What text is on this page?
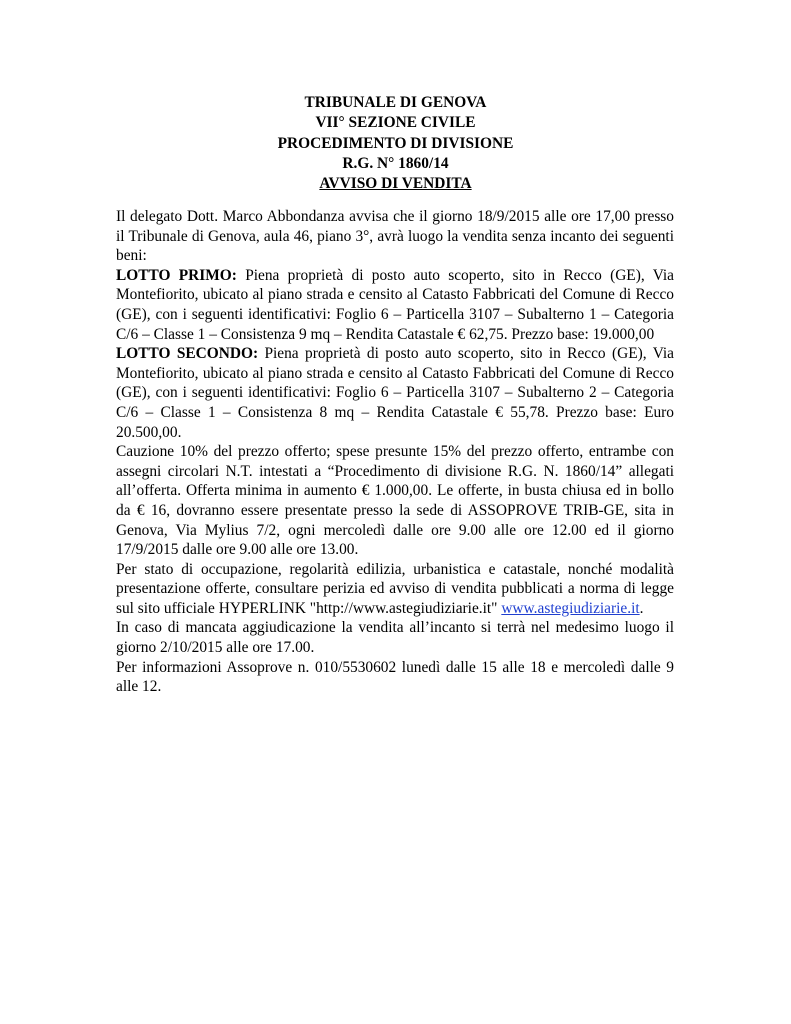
TRIBUNALE DI GENOVA
VII° SEZIONE CIVILE
PROCEDIMENTO DI DIVISIONE
R.G. N° 1860/14
AVVISO DI VENDITA

Il delegato Dott. Marco Abbondanza avvisa che il giorno 18/9/2015 alle ore 17,00 presso il Tribunale di Genova, aula 46, piano 3°, avrà luogo la vendita senza incanto dei seguenti beni:

LOTTO PRIMO: Piena proprietà di posto auto scoperto, sito in Recco (GE), Via Montefiorito, ubicato al piano strada e censito al Catasto Fabbricati del Comune di Recco (GE), con i seguenti identificativi: Foglio 6 – Particella 3107 – Subalterno 1 – Categoria C/6 – Classe 1 – Consistenza 9 mq – Rendita Catastale € 62,75. Prezzo base: 19.000,00

LOTTO SECONDO: Piena proprietà di posto auto scoperto, sito in Recco (GE), Via Montefiorito, ubicato al piano strada e censito al Catasto Fabbricati del Comune di Recco (GE), con i seguenti identificativi: Foglio 6 – Particella 3107 – Subalterno 2 – Categoria C/6 – Classe 1 – Consistenza 8 mq – Rendita Catastale € 55,78. Prezzo base: Euro 20.500,00.

Cauzione 10% del prezzo offerto; spese presunte 15% del prezzo offerto, entrambe con assegni circolari N.T. intestati a “Procedimento di divisione R.G. N. 1860/14” allegati all’offerta. Offerta minima in aumento € 1.000,00. Le offerte, in busta chiusa ed in bollo da € 16, dovranno essere presentate presso la sede di ASSOPROVE TRIB-GE, sita in Genova, Via Mylius 7/2, ogni mercoledì dalle ore 9.00 alle ore 12.00 ed il giorno 17/9/2015 dalle ore 9.00 alle ore 13.00.

Per stato di occupazione, regolarità edilizia, urbanistica e catastale, nonché modalità presentazione offerte, consultare perizia ed avviso di vendita pubblicati a norma di legge sul sito ufficiale HYPERLINK "http://www.astegiudiziarie.it" www.astegiudiziarie.it.

In caso di mancata aggiudicazione la vendita all’incanto si terrà nel medesimo luogo il giorno 2/10/2015 alle ore 17.00.

Per informazioni Assoprove n. 010/5530602 lunedì dalle 15 alle 18 e mercoledì dalle 9 alle 12.
